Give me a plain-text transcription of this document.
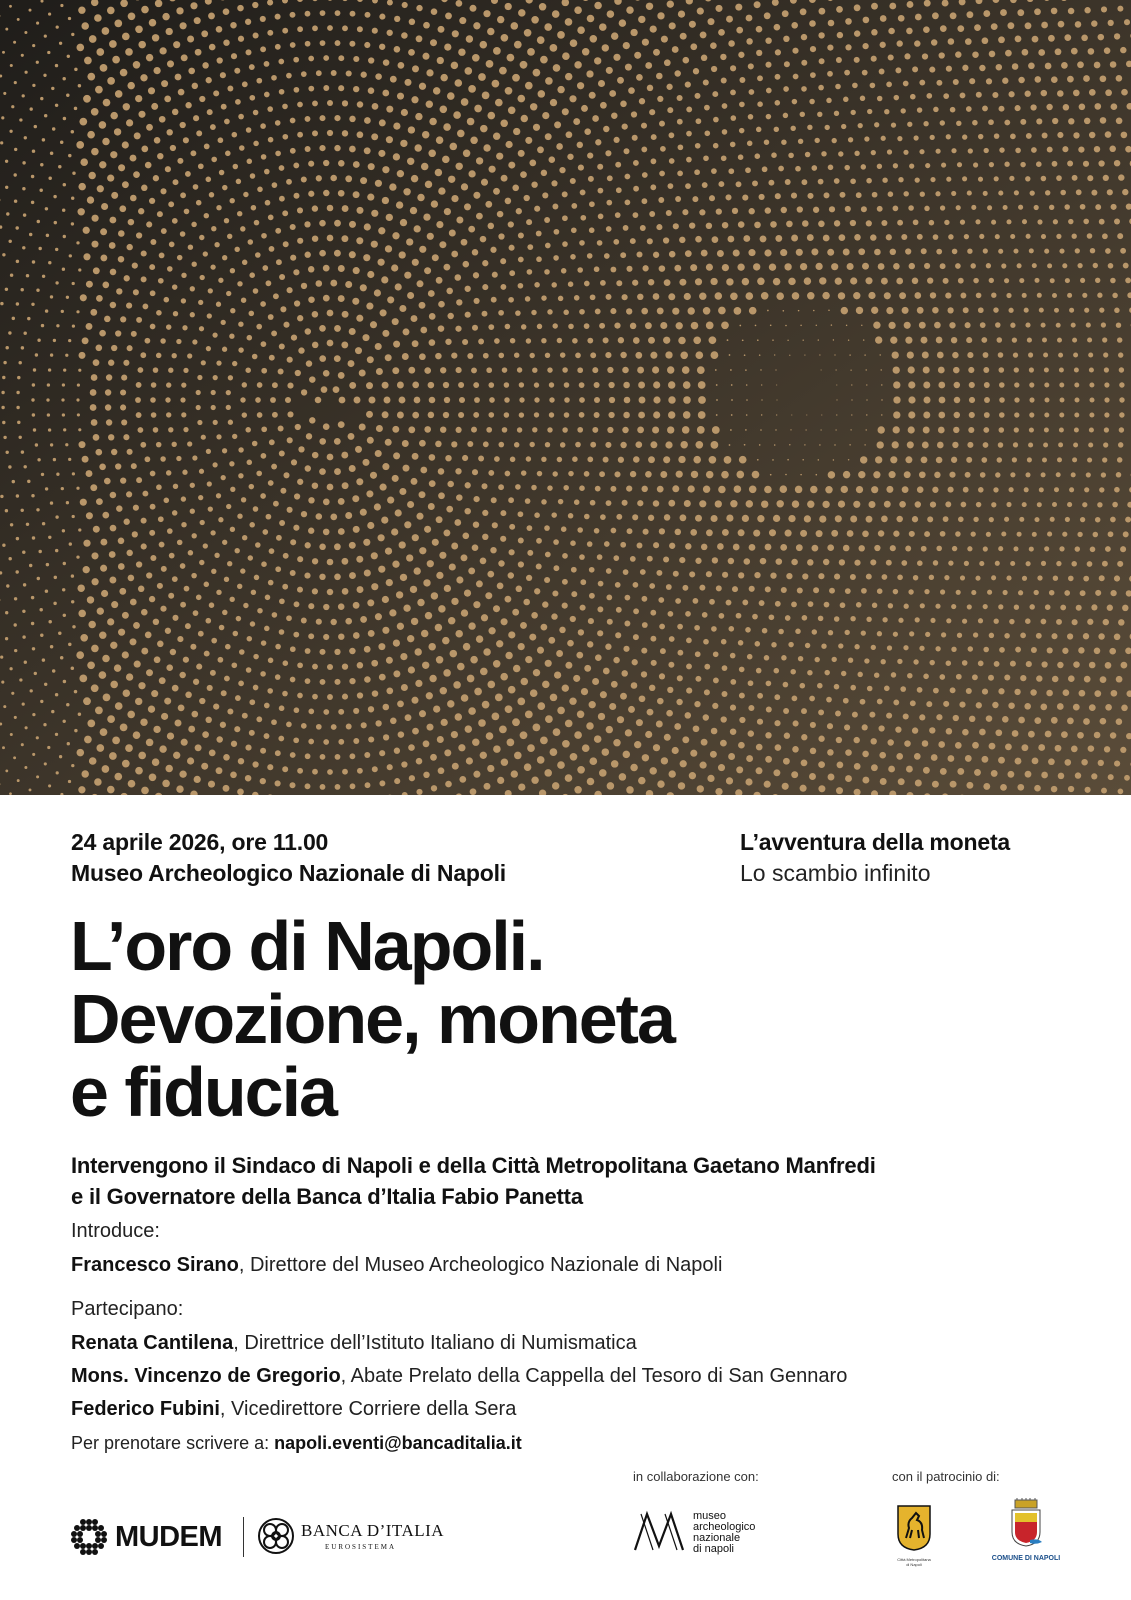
24 aprile 2026, ore 11.00
Museo Archeologico Nazionale di Napoli
L’avventura della moneta
Lo scambio infinito
L’oro di Napoli.
Devozione, moneta
e fiducia
Intervengono il Sindaco di Napoli e della Città Metropolitana Gaetano Manfredi
e il Governatore della Banca d’Italia Fabio Panetta
Introduce:
Francesco Sirano, Direttore del Museo Archeologico Nazionale di Napoli
Partecipano:
Renata Cantilena, Direttrice dell’Istituto Italiano di Numismatica
Mons. Vincenzo de Gregorio, Abate Prelato della Cappella del Tesoro di San Gennaro
Federico Fubini, Vicedirettore Corriere della Sera
Per prenotare scrivere a: napoli.eventi@bancaditalia.it
in collaborazione con:	con il patrocinio di:
MUDEM	BANCA D’ITALIA
EUROSISTEMA
museo
archeologico
nazionale
di napoli
Città Metropolitana
di Napoli
COMUNE DI NAPOLI
